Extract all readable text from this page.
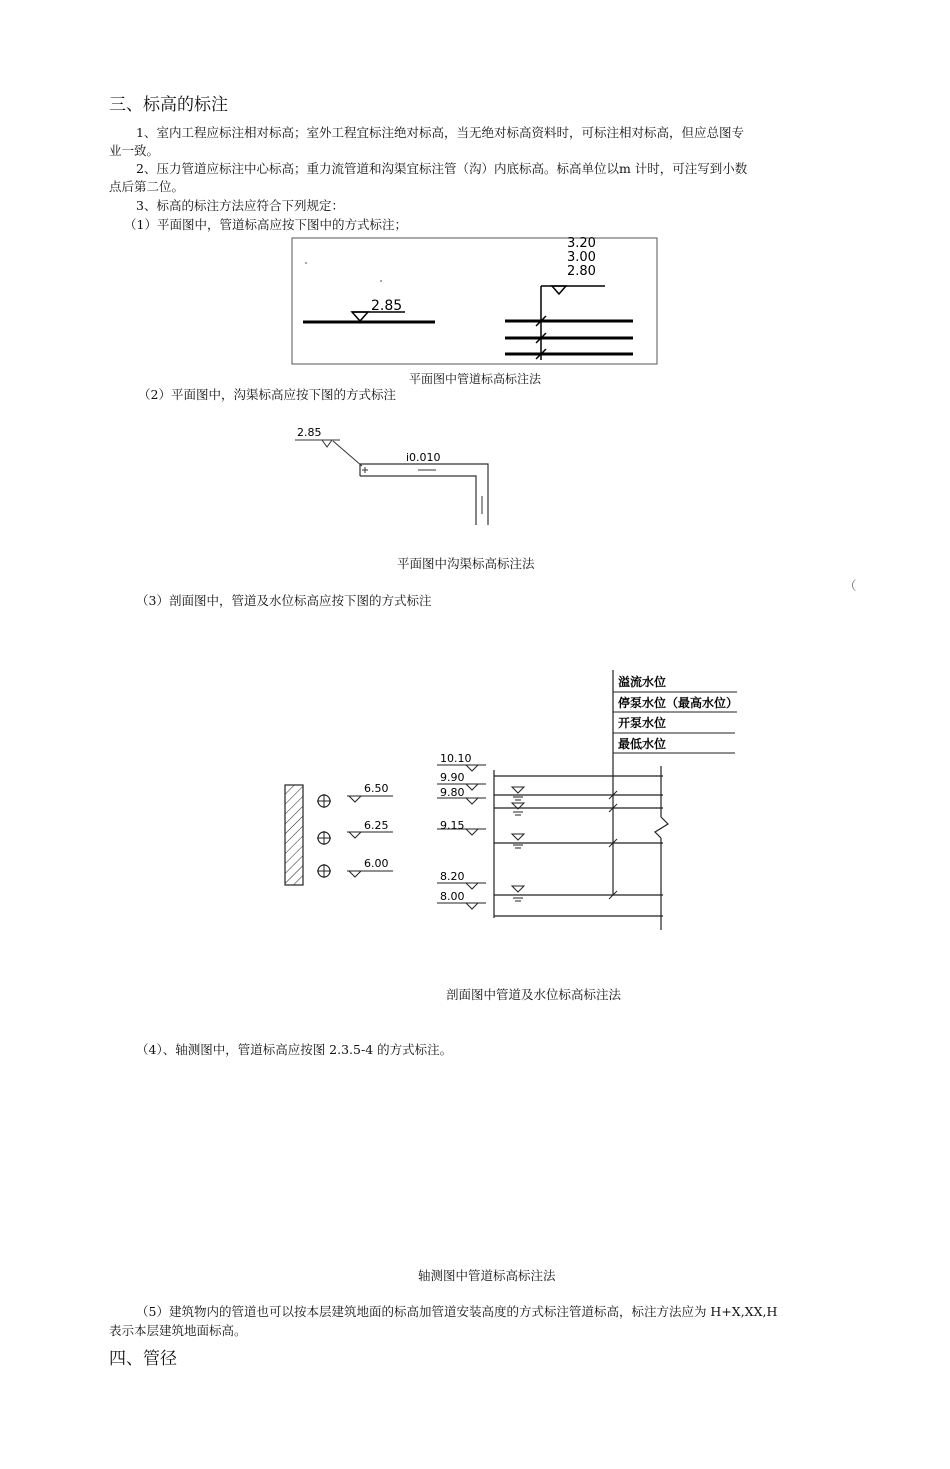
三、标高的标注
1、室内工程应标注相对标高；室外工程宜标注绝对标高，当无绝对标高资料时，可标注相对标高，但应总图专
业一致。
2、压力管道应标注中心标高；重力流管道和沟渠宜标注管（沟）内底标高。标高单位以m 计时，可注写到小数
点后第二位。
3、标高的标注方法应符合下列规定：
（1）平面图中，管道标高应按下图中的方式标注；
2.85
3.20
3.00
2.80
平面图中管道标高标注法
（2）平面图中，沟渠标高应按下图的方式标注
2.85
i0.010
平面图中沟渠标高标注法
（
（3）剖面图中，管道及水位标高应按下图的方式标注
6.50
6.25
6.00
10.10
9.90
9.80
9.15
8.20
8.00
溢流水位
停泵水位（最高水位）
开泵水位
最低水位
剖面图中管道及水位标高标注法
（4）、轴测图中，管道标高应按图 2.3.5-4 的方式标注。
轴测图中管道标高标注法
（5）建筑物内的管道也可以按本层建筑地面的标高加管道安装高度的方式标注管道标高，标注方法应为 H+X,XX,H
表示本层建筑地面标高。
四、管径
